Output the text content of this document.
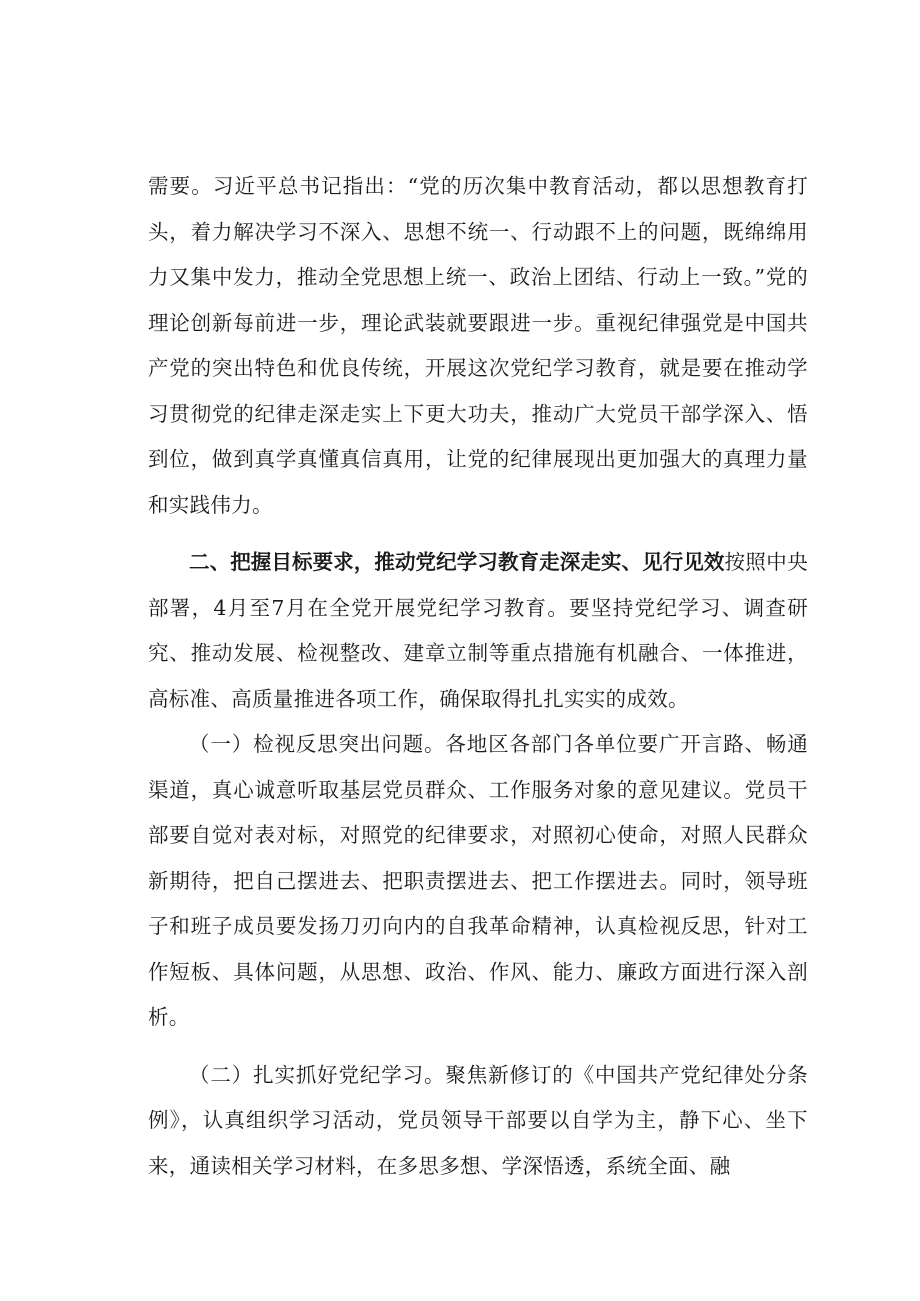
需要。习近平总书记指出：“党的历次集中教育活动，都以思想教育打头，着力解决学习不深入、思想不统一、行动跟不上的问题，既绵绵用力又集中发力，推动全党思想上统一、政治上团结、行动上一致。”党的理论创新每前进一步，理论武装就要跟进一步。重视纪律强党是中国共产党的突出特色和优良传统，开展这次党纪学习教育，就是要在推动学习贯彻党的纪律走深走实上下更大功夫，推动广大党员干部学深入、悟到位，做到真学真懂真信真用，让党的纪律展现出更加强大的真理力量和实践伟力。

二、把握目标要求，推动党纪学习教育走深走实、见行见效按照中央部署，4月至7月在全党开展党纪学习教育。要坚持党纪学习、调查研究、推动发展、检视整改、建章立制等重点措施有机融合、一体推进，高标准、高质量推进各项工作，确保取得扎扎实实的成效。

（一）检视反思突出问题。各地区各部门各单位要广开言路、畅通渠道，真心诚意听取基层党员群众、工作服务对象的意见建议。党员干部要自觉对表对标，对照党的纪律要求，对照初心使命，对照人民群众新期待，把自己摆进去、把职责摆进去、把工作摆进去。同时，领导班子和班子成员要发扬刀刃向内的自我革命精神，认真检视反思，针对工作短板、具体问题，从思想、政治、作风、能力、廉政方面进行深入剖析。

（二）扎实抓好党纪学习。聚焦新修订的《中国共产党纪律处分条例》，认真组织学习活动，党员领导干部要以自学为主，静下心、坐下来，通读相关学习材料，在多思多想、学深悟透，系统全面、融
